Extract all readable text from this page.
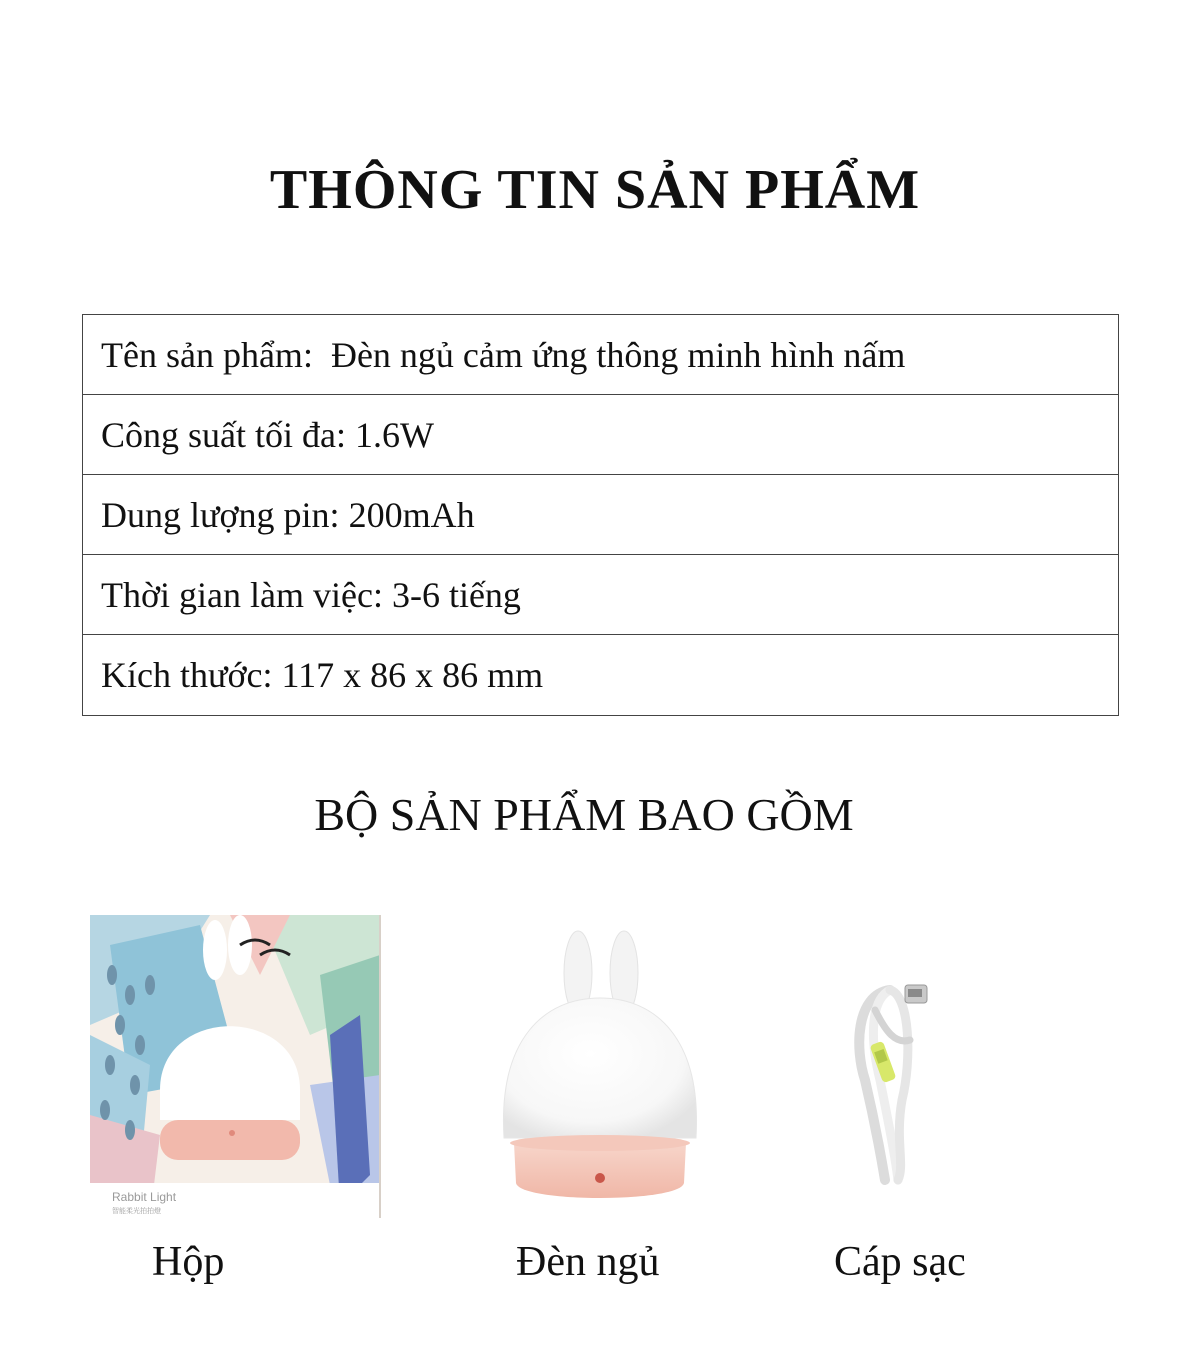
THÔNG TIN SẢN PHẨM
Tên sản phẩm:
Đèn ngủ cảm ứng thông minh hình nấm
Công suất tối đa:
1.6W
Dung lượng pin:
200mAh
Thời gian làm việc:
3-6 tiếng
Kích thước:
117 x 86 x 86 mm
BỘ SẢN PHẨM BAO GỒM
Rabbit Light
智能柔光拍拍燈
Hộp	Đèn ngủ	Cáp sạc
